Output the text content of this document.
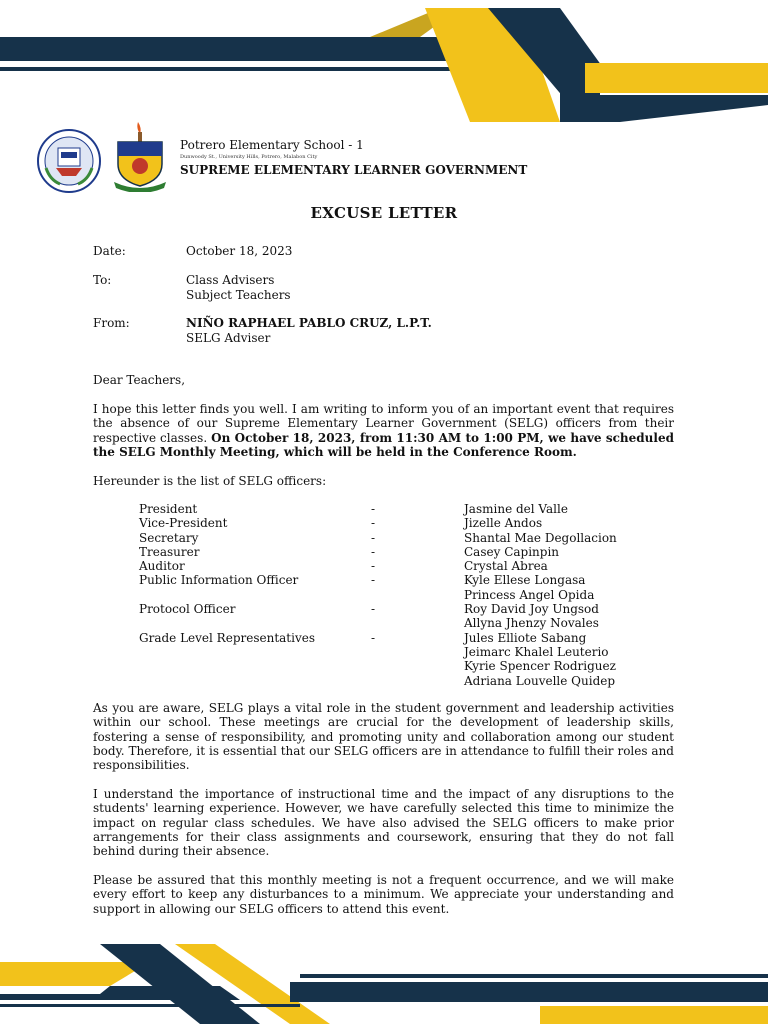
Potrero Elementary School - 1
Dunwoody St., University Hills, Potrero, Malabon City
SUPREME ELEMENTARY LEARNER GOVERNMENT
EXCUSE LETTER
Date:	October 18, 2023
To:	Class Advisers
Subject Teachers
From:	NIÑO RAPHAEL PABLO CRUZ, L.P.T.
SELG Adviser
Dear Teachers,

I hope this letter finds you well. I am writing to inform you of an important event that requires the absence of our Supreme Elementary Learner Government (SELG) officers from their respective classes. On October 18, 2023, from 11:30 AM to 1:00 PM, we have scheduled the SELG Monthly Meeting, which will be held in the Conference Room.

Hereunder is the list of SELG officers:

President	-	Jasmine del Valle
Vice-President	-	Jizelle Andos
Secretary	-	Shantal Mae Degollacion
Treasurer	-	Casey Capinpin
Auditor	-	Crystal Abrea
Public Information Officer	-	Kyle Ellese Longasa
Princess Angel Opida
Protocol Officer	-	Roy David Joy Ungsod
Allyna Jhenzy Novales
Grade Level Representatives	-	Jules Elliote Sabang
Jeimarc Khalel Leuterio
Kyrie Spencer Rodriguez
Adriana Louvelle Quidep

As you are aware, SELG plays a vital role in the student government and leadership activities within our school. These meetings are crucial for the development of leadership skills, fostering a sense of responsibility, and promoting unity and collaboration among our student body. Therefore, it is essential that our SELG officers are in attendance to fulfill their roles and responsibilities.

I understand the importance of instructional time and the impact of any disruptions to the students' learning experience. However, we have carefully selected this time to minimize the impact on regular class schedules. We have also advised the SELG officers to make prior arrangements for their class assignments and coursework, ensuring that they do not fall behind during their absence.

Please be assured that this monthly meeting is not a frequent occurrence, and we will make every effort to keep any disturbances to a minimum. We appreciate your understanding and support in allowing our SELG officers to attend this event.
